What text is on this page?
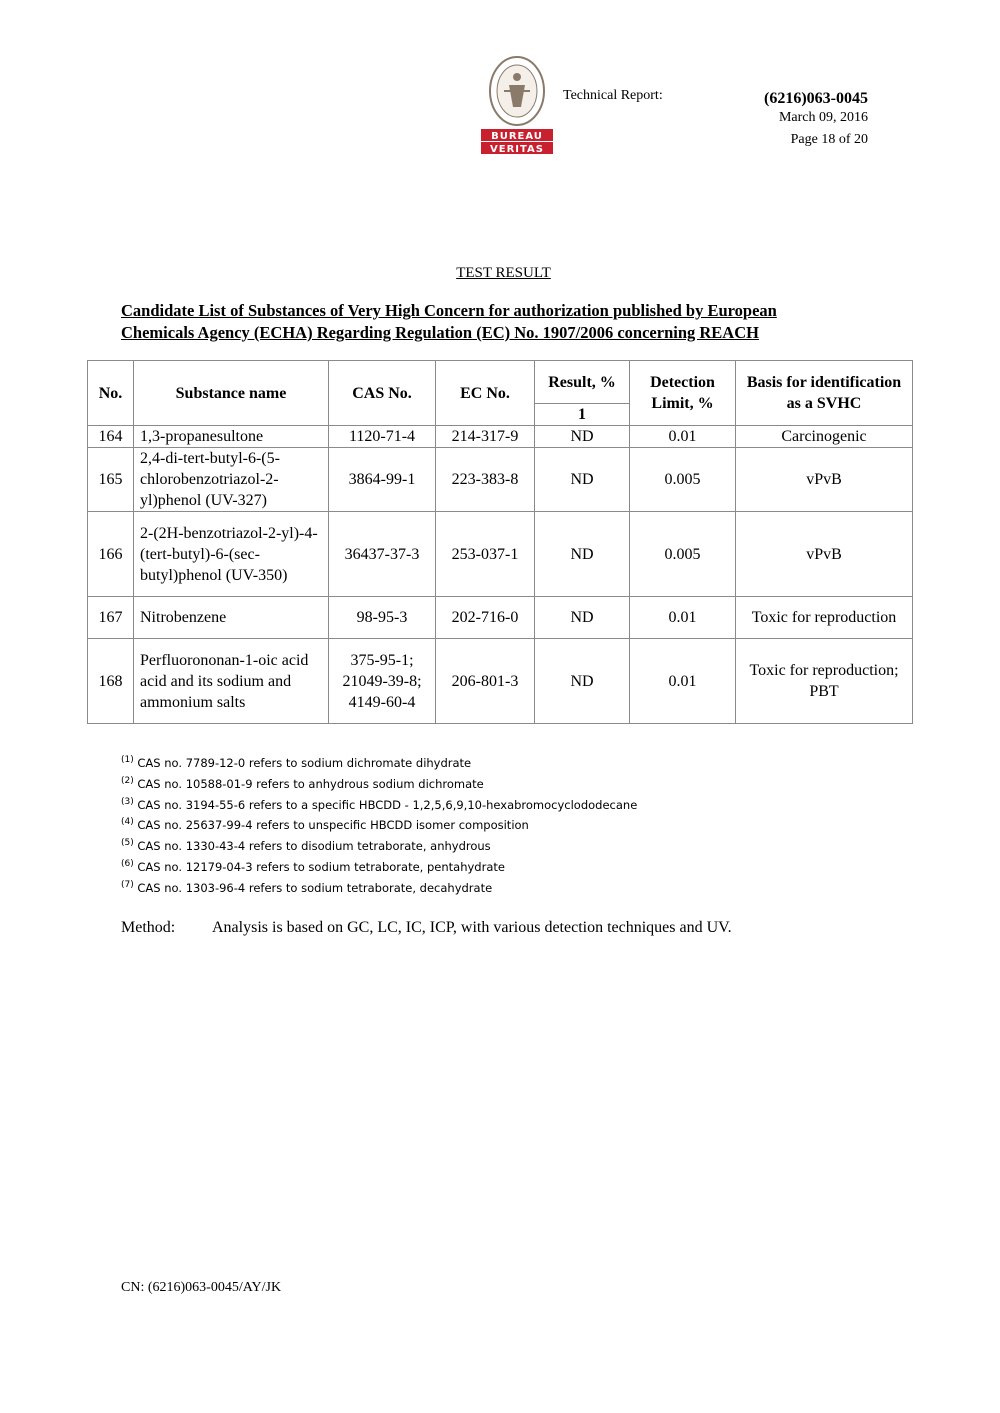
BUREAU
VERITAS
Technical Report:	(6216)063-0045
March 09, 2016
Page 18 of 20
TEST RESULT
Candidate List of Substances of Very High Concern for authorization published by European
Chemicals Agency (ECHA) Regarding Regulation (EC) No. 1907/2006 concerning REACH
No.	Substance name	CAS No.	EC No.	Result, %	Detection Limit, %	Basis for identification as a SVHC
				1		
164	1,3-propanesultone	1120-71-4	214-317-9	ND	0.01	Carcinogenic
165	2,4-di-tert-butyl-6-(5-chlorobenzotriazol-2-yl)phenol (UV-327)	3864-99-1	223-383-8	ND	0.005	vPvB
166	2-(2H-benzotriazol-2-yl)-4-(tert-butyl)-6-(sec-butyl)phenol (UV-350)	36437-37-3	253-037-1	ND	0.005	vPvB
167	Nitrobenzene	98-95-3	202-716-0	ND	0.01	Toxic for reproduction
168	Perfluorononan-1-oic acid acid and its sodium and ammonium salts	375-95-1; 21049-39-8; 4149-60-4	206-801-3	ND	0.01	Toxic for reproduction; PBT
$^{(1)}$ CAS no. 7789-12-0 refers to sodium dichromate dihydrate
$^{(2)}$ CAS no. 10588-01-9 refers to anhydrous sodium dichromate
$^{(3)}$ CAS no. 3194-55-6 refers to a specific HBCDD - 1,2,5,6,9,10-hexabromocyclododecane
$^{(4)}$ CAS no. 25637-99-4 refers to unspecific HBCDD isomer composition
$^{(5)}$ CAS no. 1330-43-4 refers to disodium tetraborate, anhydrous
$^{(6)}$ CAS no. 12179-04-3 refers to sodium tetraborate, pentahydrate
$^{(7)}$ CAS no. 1303-96-4 refers to sodium tetraborate, decahydrate
Method: Analysis is based on GC, LC, IC, ICP, with various detection techniques and UV.
CN: (6216)063-0045/AY/JK
